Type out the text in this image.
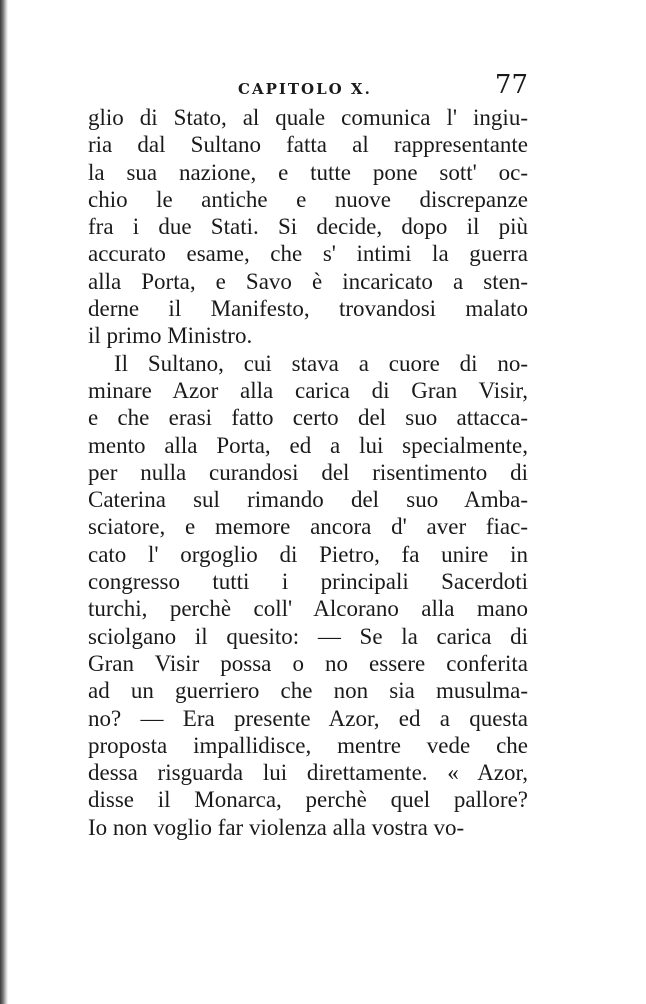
CAPITOLO X.	77
glio di Stato, al quale comunica l' ingiu-
ria dal Sultano fatta al rappresentante
la sua nazione, e tutte pone sott' oc-
chio le antiche e nuove discrepanze
fra i due Stati. Si decide, dopo il più
accurato esame, che s' intimi la guerra
alla Porta, e Savo è incaricato a sten-
derne il Manifesto, trovandosi malato
il primo Ministro.
Il Sultano, cui stava a cuore di no-
minare Azor alla carica di Gran Visir,
e che erasi fatto certo del suo attacca-
mento alla Porta, ed a lui specialmente,
per nulla curandosi del risentimento di
Caterina sul rimando del suo Amba-
sciatore, e memore ancora d' aver fiac-
cato l' orgoglio di Pietro, fa unire in
congresso tutti i principali Sacerdoti
turchi, perchè coll' Alcorano alla mano
sciolgano il quesito: — Se la carica di
Gran Visir possa o no essere conferita
ad un guerriero che non sia musulma-
no? — Era presente Azor, ed a questa
proposta impallidisce, mentre vede che
dessa risguarda lui direttamente. « Azor,
disse il Monarca, perchè quel pallore?
Io non voglio far violenza alla vostra vo-
